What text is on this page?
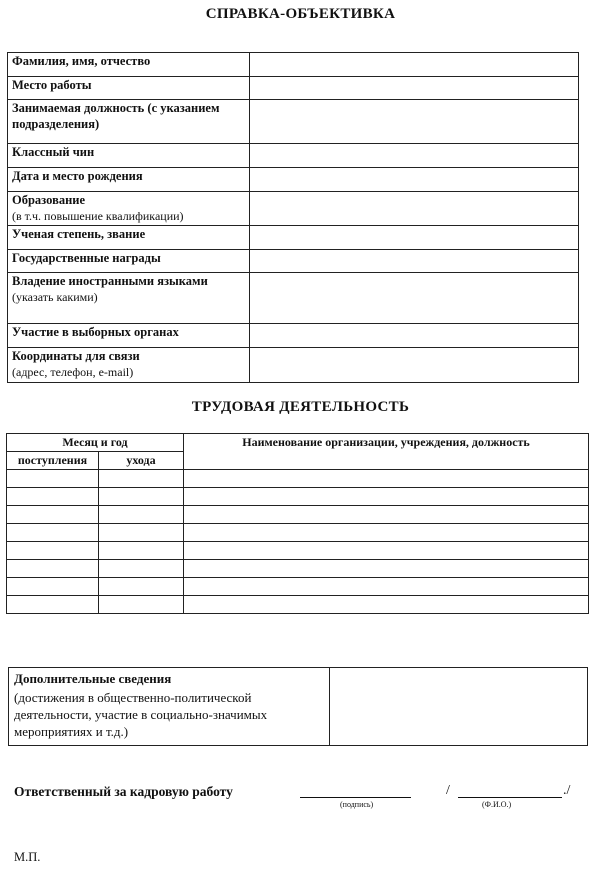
СПРАВКА-ОБЪЕКТИВКА
Фамилия, имя, отчество	
Место работы	
Занимаемая должность (с указанием подразделения)	
Классный чин	
Дата и место рождения	

Образование
(в т.ч. повышение квалификации)	

Ученая степень, звание	
Государственные награды	

Владение иностранными языками
(указать какими)	

Участие в выборных органах	

Координаты для связи
(адрес, телефон, e-mail)	

ТРУДОВАЯ ДЕЯТЕЛЬНОСТЬ
Месяц и год		Наименование организации, учреждения, должность
поступления	ухода	

Дополнительные сведения
(достижения в общественно-политической деятельности, участие в социально-значимых мероприятиях и т.д.)

Ответственный за кадровую работу	/	./
(подпись)	(Ф.И.О.)
М.П.
